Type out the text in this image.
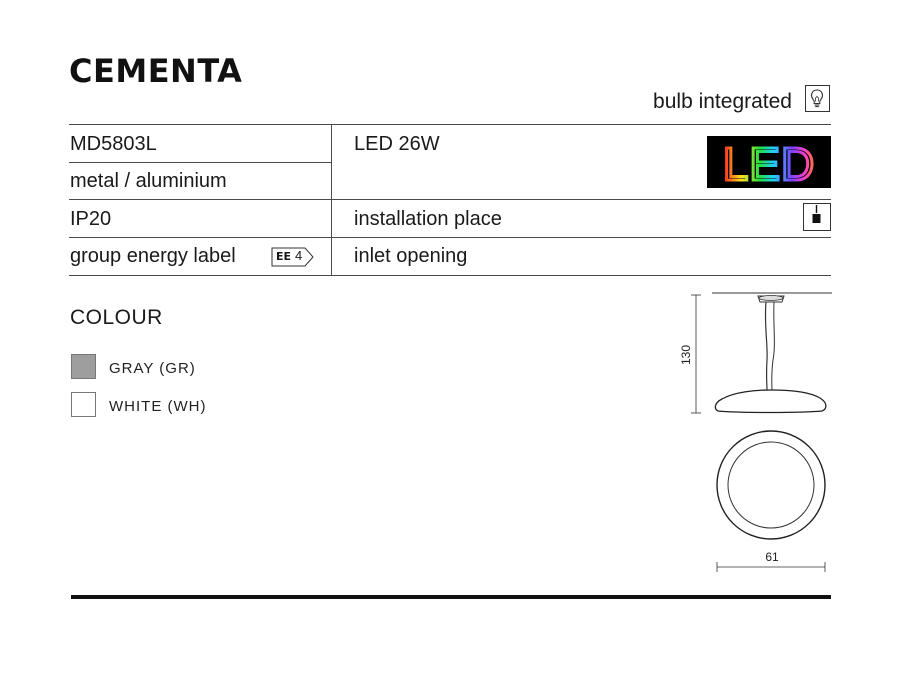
CEMENTA
bulb integrated
MD5803L
metal / aluminium
IP20
group energy label	EE 4
LED 26W
installation place
inlet opening
LED
COLOUR
GRAY (GR)
WHITE (WH)
130
61
